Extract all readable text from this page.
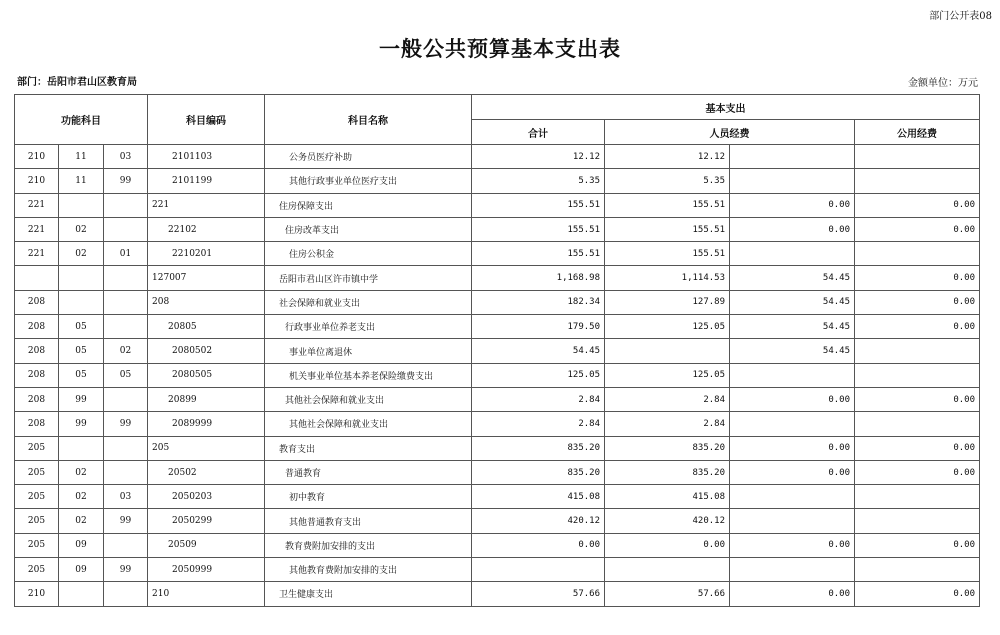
部门公开表08
一般公共预算基本支出表
部门：岳阳市君山区教育局	金额单位：万元
功能科目			科目编码	科目名称	基本支出			
					合计	人员经费		公用经费
210	11	03	2101103	公务员医疗补助	12.12	12.12		
210	11	99	2101199	其他行政事业单位医疗支出	5.35	5.35		
221			221	住房保障支出	155.51	155.51	0.00	0.00
221	02		22102	住房改革支出	155.51	155.51	0.00	0.00
221	02	01	2210201	住房公积金	155.51	155.51		
			127007	岳阳市君山区许市镇中学	1,168.98	1,114.53	54.45	0.00
208			208	社会保障和就业支出	182.34	127.89	54.45	0.00
208	05		20805	行政事业单位养老支出	179.50	125.05	54.45	0.00
208	05	02	2080502	事业单位离退休	54.45		54.45	
208	05	05	2080505	机关事业单位基本养老保险缴费支出	125.05	125.05		
208	99		20899	其他社会保障和就业支出	2.84	2.84	0.00	0.00
208	99	99	2089999	其他社会保障和就业支出	2.84	2.84		
205			205	教育支出	835.20	835.20	0.00	0.00
205	02		20502	普通教育	835.20	835.20	0.00	0.00
205	02	03	2050203	初中教育	415.08	415.08		
205	02	99	2050299	其他普通教育支出	420.12	420.12		
205	09		20509	教育费附加安排的支出	0.00	0.00	0.00	0.00
205	09	99	2050999	其他教育费附加安排的支出				
210			210	卫生健康支出	57.66	57.66	0.00	0.00
